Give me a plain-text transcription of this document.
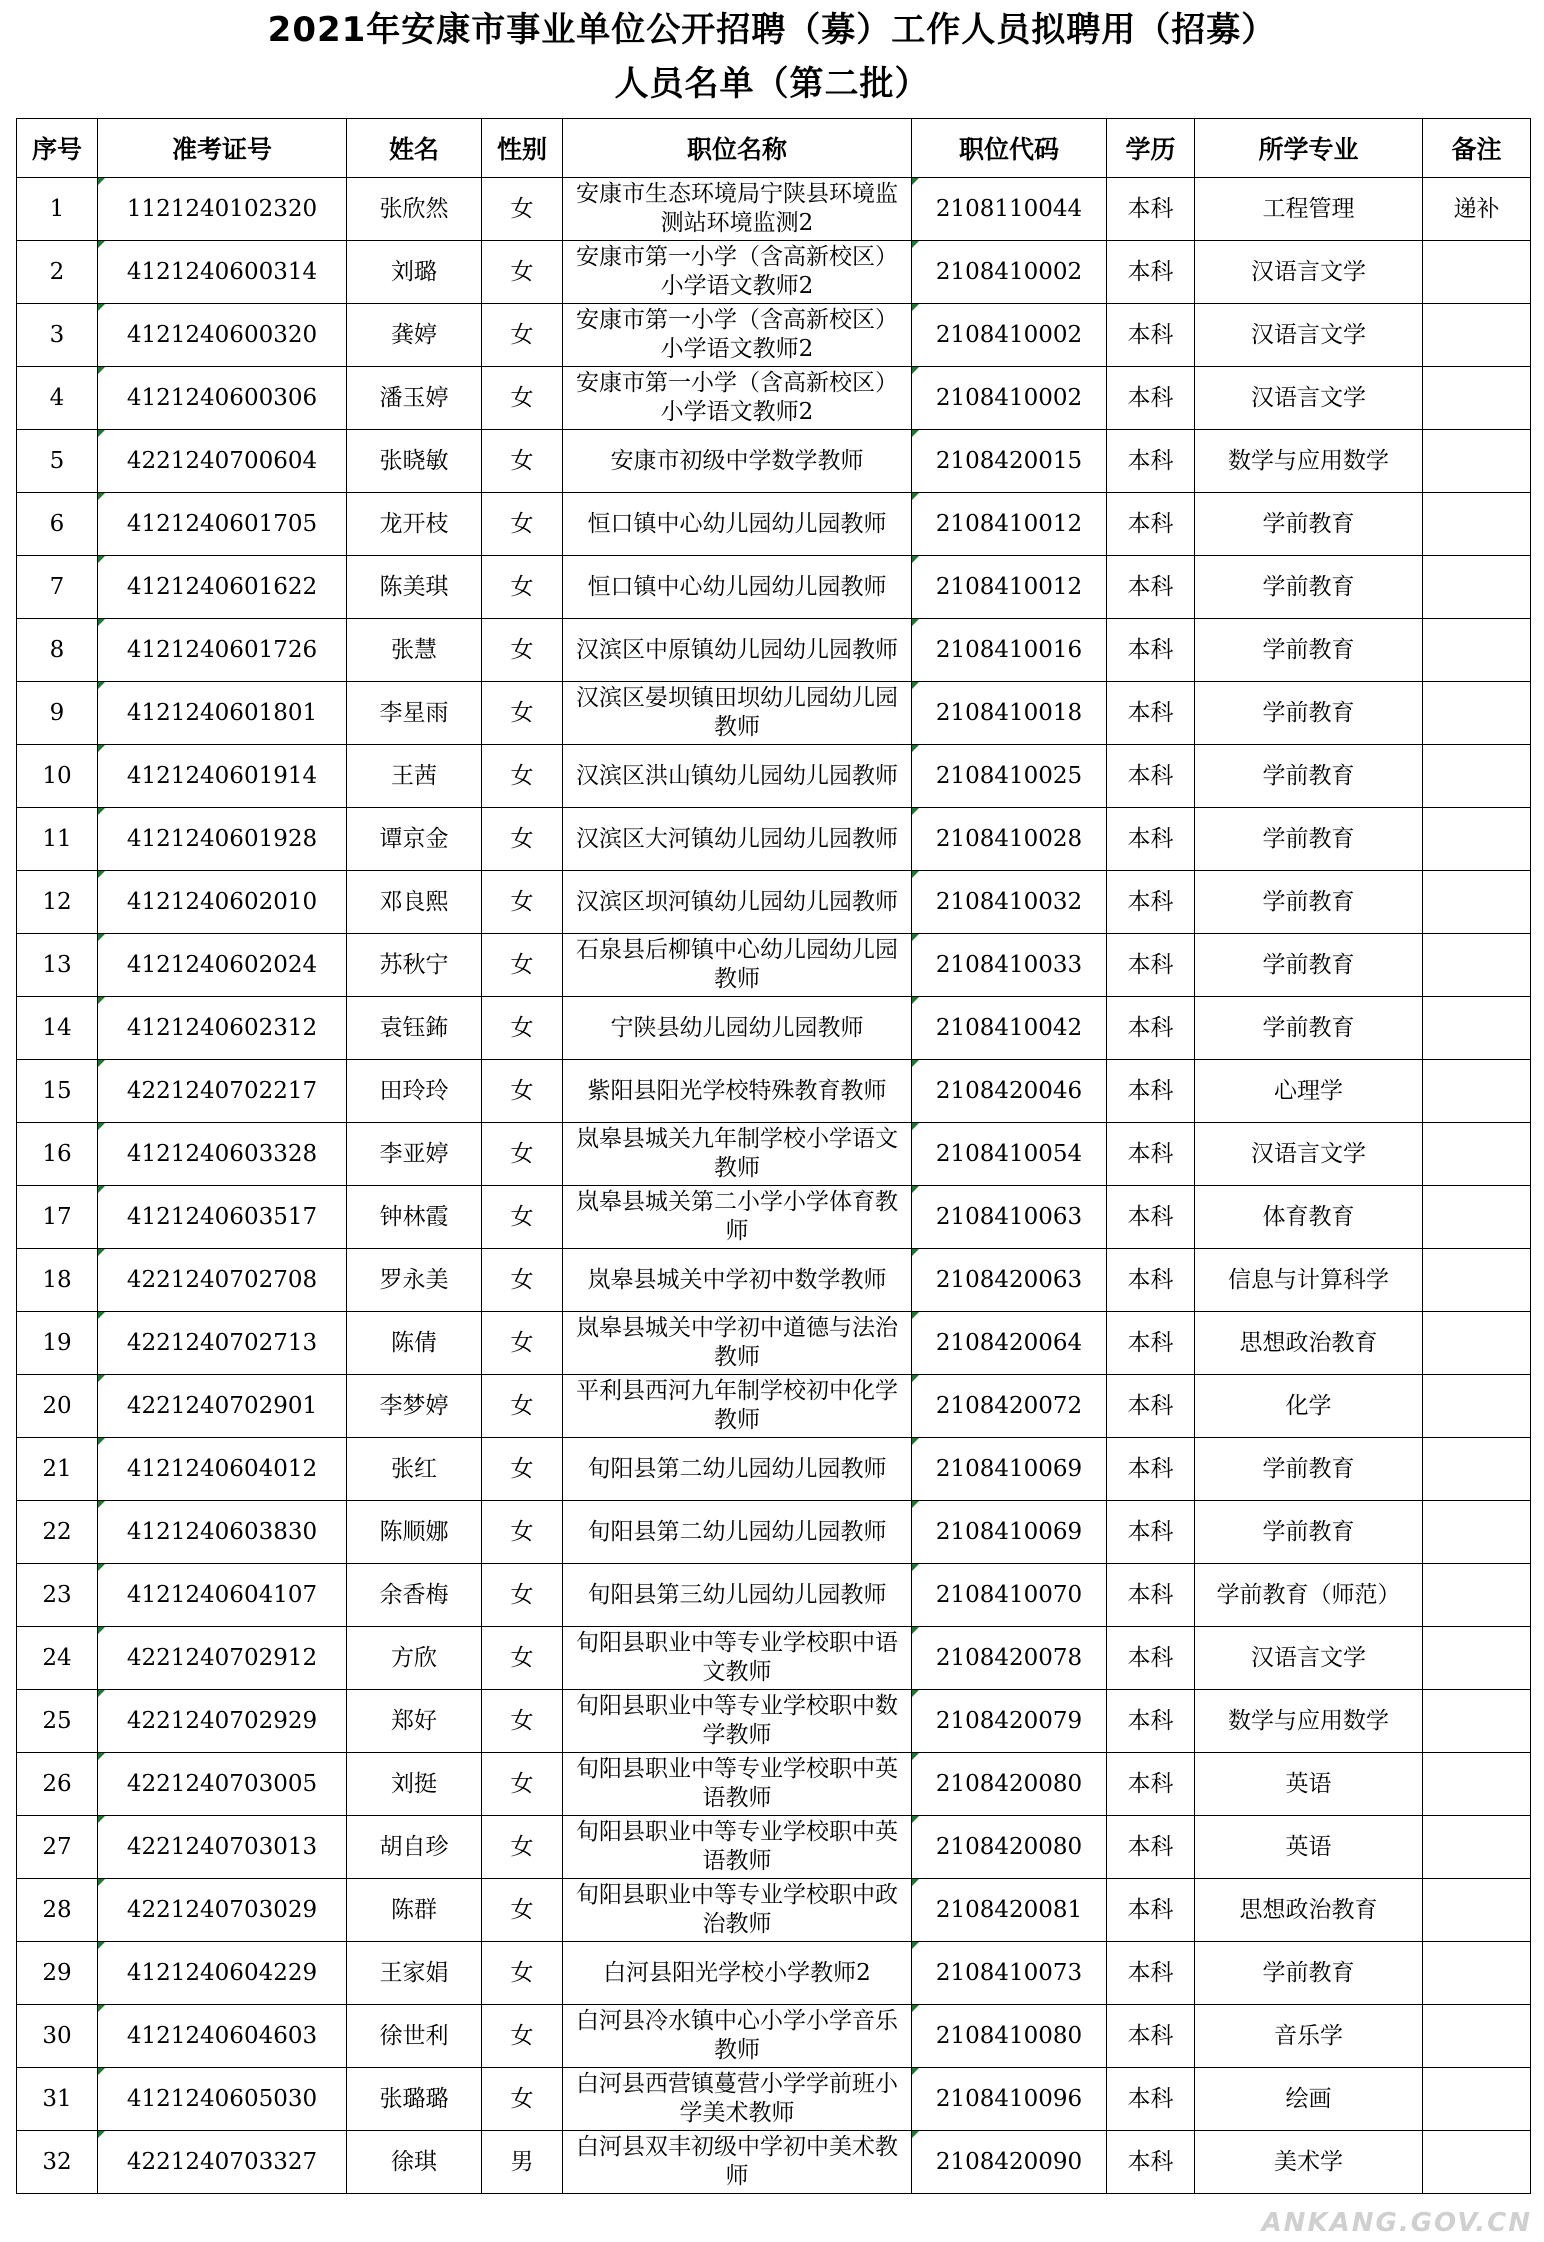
2021年安康市事业单位公开招聘（募）工作人员拟聘用（招募）
人员名单（第二批）
序号	准考证号	姓名	性别	职位名称	职位代码	学历	所学专业	备注
1	1121240102320	张欣然	女	安康市生态环境局宁陕县环境监测站环境监测2	2108110044	本科	工程管理	递补
2	4121240600314	刘璐	女	安康市第一小学（含高新校区）小学语文教师2	2108410002	本科	汉语言文学	
3	4121240600320	龚婷	女	安康市第一小学（含高新校区）小学语文教师2	2108410002	本科	汉语言文学	
4	4121240600306	潘玉婷	女	安康市第一小学（含高新校区）小学语文教师2	2108410002	本科	汉语言文学	
5	4221240700604	张晓敏	女	安康市初级中学数学教师	2108420015	本科	数学与应用数学	
6	4121240601705	龙开枝	女	恒口镇中心幼儿园幼儿园教师	2108410012	本科	学前教育	
7	4121240601622	陈美琪	女	恒口镇中心幼儿园幼儿园教师	2108410012	本科	学前教育	
8	4121240601726	张慧	女	汉滨区中原镇幼儿园幼儿园教师	2108410016	本科	学前教育	
9	4121240601801	李星雨	女	汉滨区晏坝镇田坝幼儿园幼儿园教师	2108410018	本科	学前教育	
10	4121240601914	王茜	女	汉滨区洪山镇幼儿园幼儿园教师	2108410025	本科	学前教育	
11	4121240601928	谭京金	女	汉滨区大河镇幼儿园幼儿园教师	2108410028	本科	学前教育	
12	4121240602010	邓良熙	女	汉滨区坝河镇幼儿园幼儿园教师	2108410032	本科	学前教育	
13	4121240602024	苏秋宁	女	石泉县后柳镇中心幼儿园幼儿园教师	2108410033	本科	学前教育	
14	4121240602312	袁钰鈽	女	宁陕县幼儿园幼儿园教师	2108410042	本科	学前教育	
15	4221240702217	田玲玲	女	紫阳县阳光学校特殊教育教师	2108420046	本科	心理学	
16	4121240603328	李亚婷	女	岚皋县城关九年制学校小学语文教师	2108410054	本科	汉语言文学	
17	4121240603517	钟林霞	女	岚皋县城关第二小学小学体育教师	2108410063	本科	体育教育	
18	4221240702708	罗永美	女	岚皋县城关中学初中数学教师	2108420063	本科	信息与计算科学	
19	4221240702713	陈倩	女	岚皋县城关中学初中道德与法治教师	2108420064	本科	思想政治教育	
20	4221240702901	李梦婷	女	平利县西河九年制学校初中化学教师	2108420072	本科	化学	
21	4121240604012	张红	女	旬阳县第二幼儿园幼儿园教师	2108410069	本科	学前教育	
22	4121240603830	陈顺娜	女	旬阳县第二幼儿园幼儿园教师	2108410069	本科	学前教育	
23	4121240604107	余香梅	女	旬阳县第三幼儿园幼儿园教师	2108410070	本科	学前教育（师范）	
24	4221240702912	方欣	女	旬阳县职业中等专业学校职中语文教师	2108420078	本科	汉语言文学	
25	4221240702929	郑好	女	旬阳县职业中等专业学校职中数学教师	2108420079	本科	数学与应用数学	
26	4221240703005	刘挺	女	旬阳县职业中等专业学校职中英语教师	2108420080	本科	英语	
27	4221240703013	胡自珍	女	旬阳县职业中等专业学校职中英语教师	2108420080	本科	英语	
28	4221240703029	陈群	女	旬阳县职业中等专业学校职中政治教师	2108420081	本科	思想政治教育	
29	4121240604229	王家娟	女	白河县阳光学校小学教师2	2108410073	本科	学前教育	
30	4121240604603	徐世利	女	白河县冷水镇中心小学小学音乐教师	2108410080	本科	音乐学	
31	4121240605030	张璐璐	女	白河县西营镇蔓营小学学前班小学美术教师	2108410096	本科	绘画	
32	4221240703327	徐琪	男	白河县双丰初级中学初中美术教师	2108420090	本科	美术学	
ANKANG.GOV.CN
